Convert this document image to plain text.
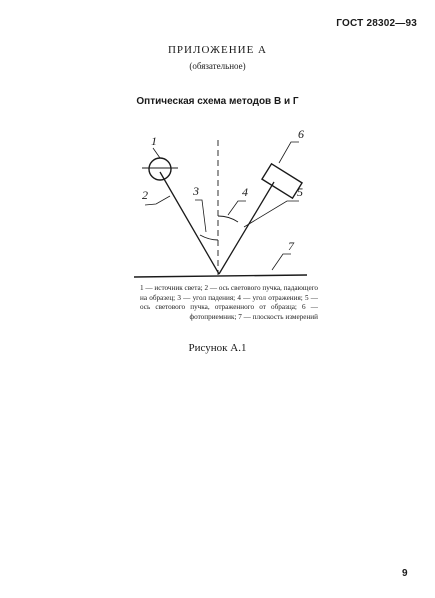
ГОСТ 28302—93
ПРИЛОЖЕНИЕ А
(обязательное)
Оптическая схема методов В и Г
1
2	3	4	5
6
7
1 — источник света; 2 — ось светового пучка, падающего на образец; 3 — угол падения; 4 — угол отражения; 5 — ось светового пучка, отраженного от образца; 6 — фотоприемник; 7 — плоскость измерений
Рисунок А.1
9
